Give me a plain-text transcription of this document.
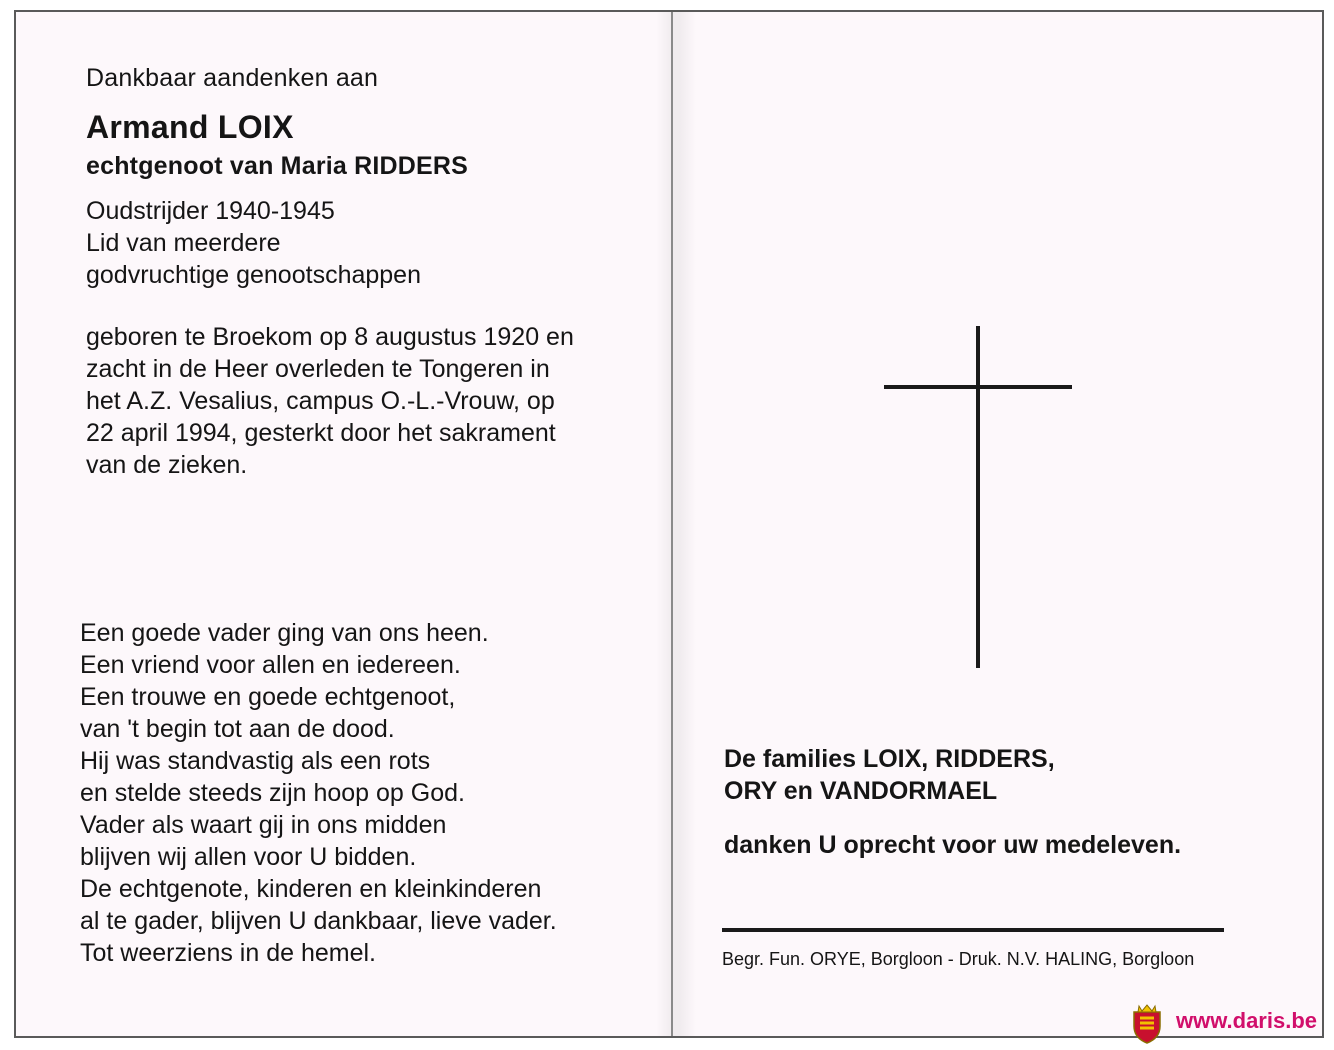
Dankbaar aandenken aan

Armand LOIX

echtgenoot van Maria RIDDERS

Oudstrijder 1940-1945
Lid van meerdere
godvruchtige genootschappen

geboren te Broekom op 8 augustus 1920 en
zacht in de Heer overleden te Tongeren in
het A.Z. Vesalius, campus O.-L.-Vrouw, op
22 april 1994, gesterkt door het sakrament
van de zieken.

Een goede vader ging van ons heen.
Een vriend voor allen en iedereen.
Een trouwe en goede echtgenoot,
van 't begin tot aan de dood.
Hij was standvastig als een rots
en stelde steeds zijn hoop op God.
Vader als waart gij in ons midden
blijven wij allen voor U bidden.
De echtgenote, kinderen en kleinkinderen
al te gader, blijven U dankbaar, lieve vader.
Tot weerziens in de hemel.

De families LOIX, RIDDERS,
ORY en VANDORMAEL

danken U oprecht voor uw medeleven.

Begr. Fun. ORYE, Borgloon - Druk. N.V. HALING, Borgloon
www.daris.be
